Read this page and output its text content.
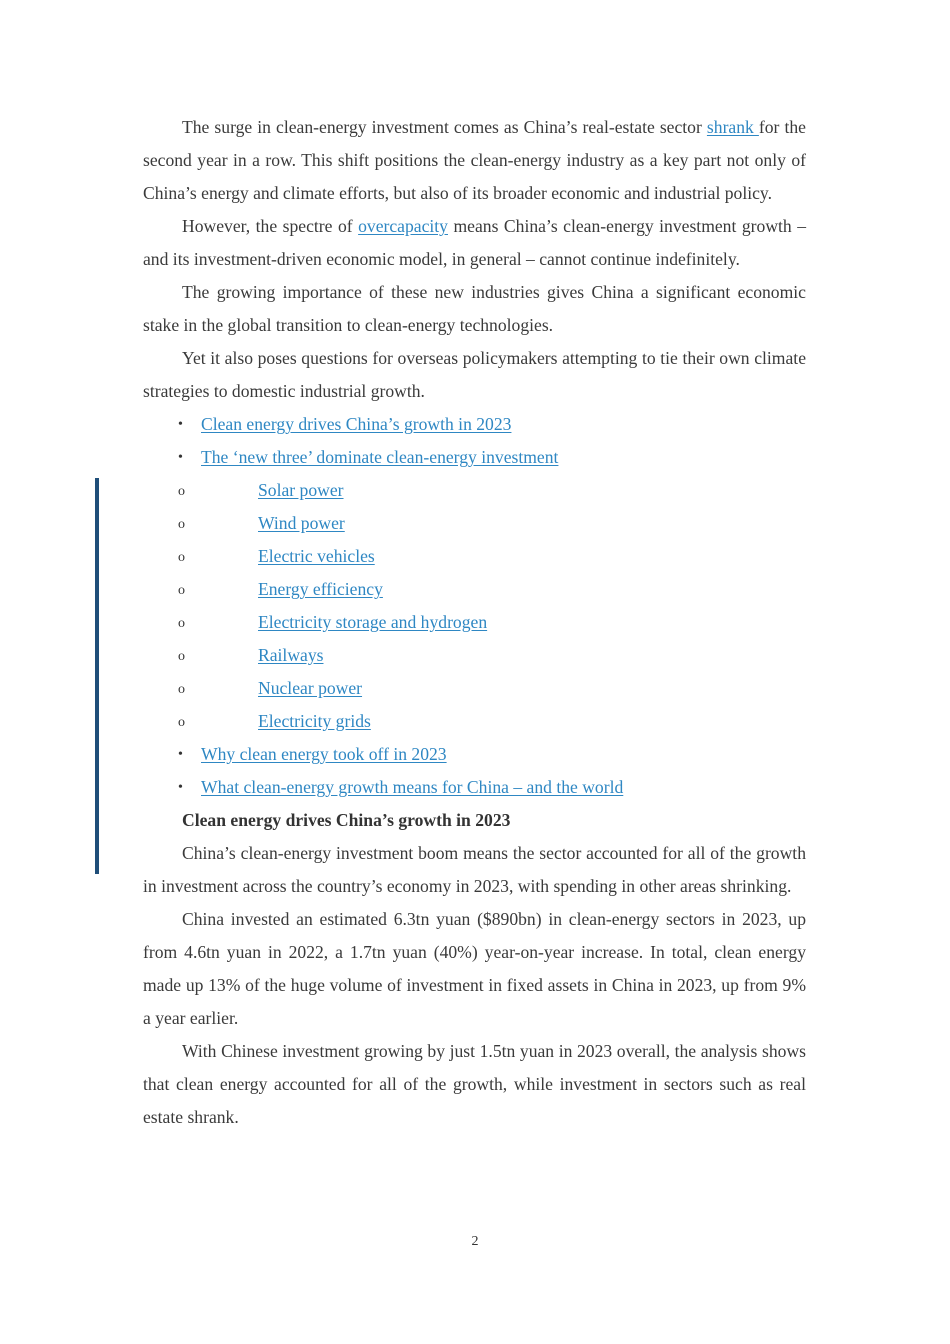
The surge in clean-energy investment comes as China’s real-estate sector shrank for the second year in a row. This shift positions the clean-energy industry as a key part not only of China’s energy and climate efforts, but also of its broader economic and industrial policy.

However, the spectre of overcapacity means China’s clean-energy investment growth – and its investment-driven economic model, in general – cannot continue indefinitely.

The growing importance of these new industries gives China a significant economic stake in the global transition to clean-energy technologies.

Yet it also poses questions for overseas policymakers attempting to tie their own climate strategies to domestic industrial growth.

• Clean energy drives China’s growth in 2023
• The ‘new three’ dominate clean-energy investment
o	Solar power
o	Wind power
o	Electric vehicles
o	Energy efficiency
o	Electricity storage and hydrogen
o	Railways
o	Nuclear power
o	Electricity grids
• Why clean energy took off in 2023
• What clean-energy growth means for China – and the world
Clean energy drives China’s growth in 2023

China’s clean-energy investment boom means the sector accounted for all of the growth in investment across the country’s economy in 2023, with spending in other areas shrinking.

China invested an estimated 6.3tn yuan ($890bn) in clean-energy sectors in 2023, up from 4.6tn yuan in 2022, a 1.7tn yuan (40%) year-on-year increase. In total, clean energy made up 13% of the huge volume of investment in fixed assets in China in 2023, up from 9% a year earlier.

With Chinese investment growing by just 1.5tn yuan in 2023 overall, the analysis shows that clean energy accounted for all of the growth, while investment in sectors such as real estate shrank.

2
